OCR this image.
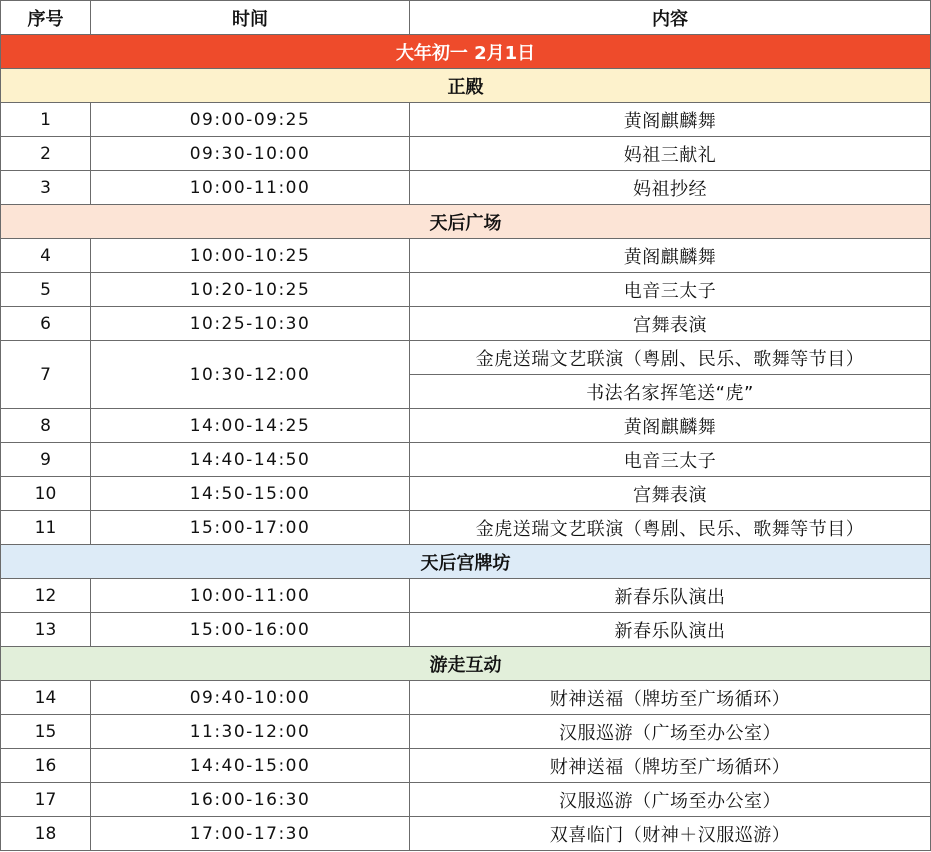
序号	时间	内容
大年初一 2月1日		
正殿		
1	09:00-09:25	黄阁麒麟舞
2	09:30-10:00	妈祖三献礼
3	10:00-11:00	妈祖抄经
天后广场		
4	10:00-10:25	黄阁麒麟舞
5	10:20-10:25	电音三太子
6	10:25-10:30	宫舞表演
7	10:30-12:00	金虎送瑞文艺联演（粤剧、民乐、歌舞等节目）
		书法名家挥笔送“虎”
8	14:00-14:25	黄阁麒麟舞
9	14:40-14:50	电音三太子
10	14:50-15:00	宫舞表演
11	15:00-17:00	金虎送瑞文艺联演（粤剧、民乐、歌舞等节目）
天后宫牌坊		
12	10:00-11:00	新春乐队演出
13	15:00-16:00	新春乐队演出
游走互动		
14	09:40-10:00	财神送福（牌坊至广场循环）
15	11:30-12:00	汉服巡游（广场至办公室）
16	14:40-15:00	财神送福（牌坊至广场循环）
17	16:00-16:30	汉服巡游（广场至办公室）
18	17:00-17:30	双喜临门（财神＋汉服巡游）
